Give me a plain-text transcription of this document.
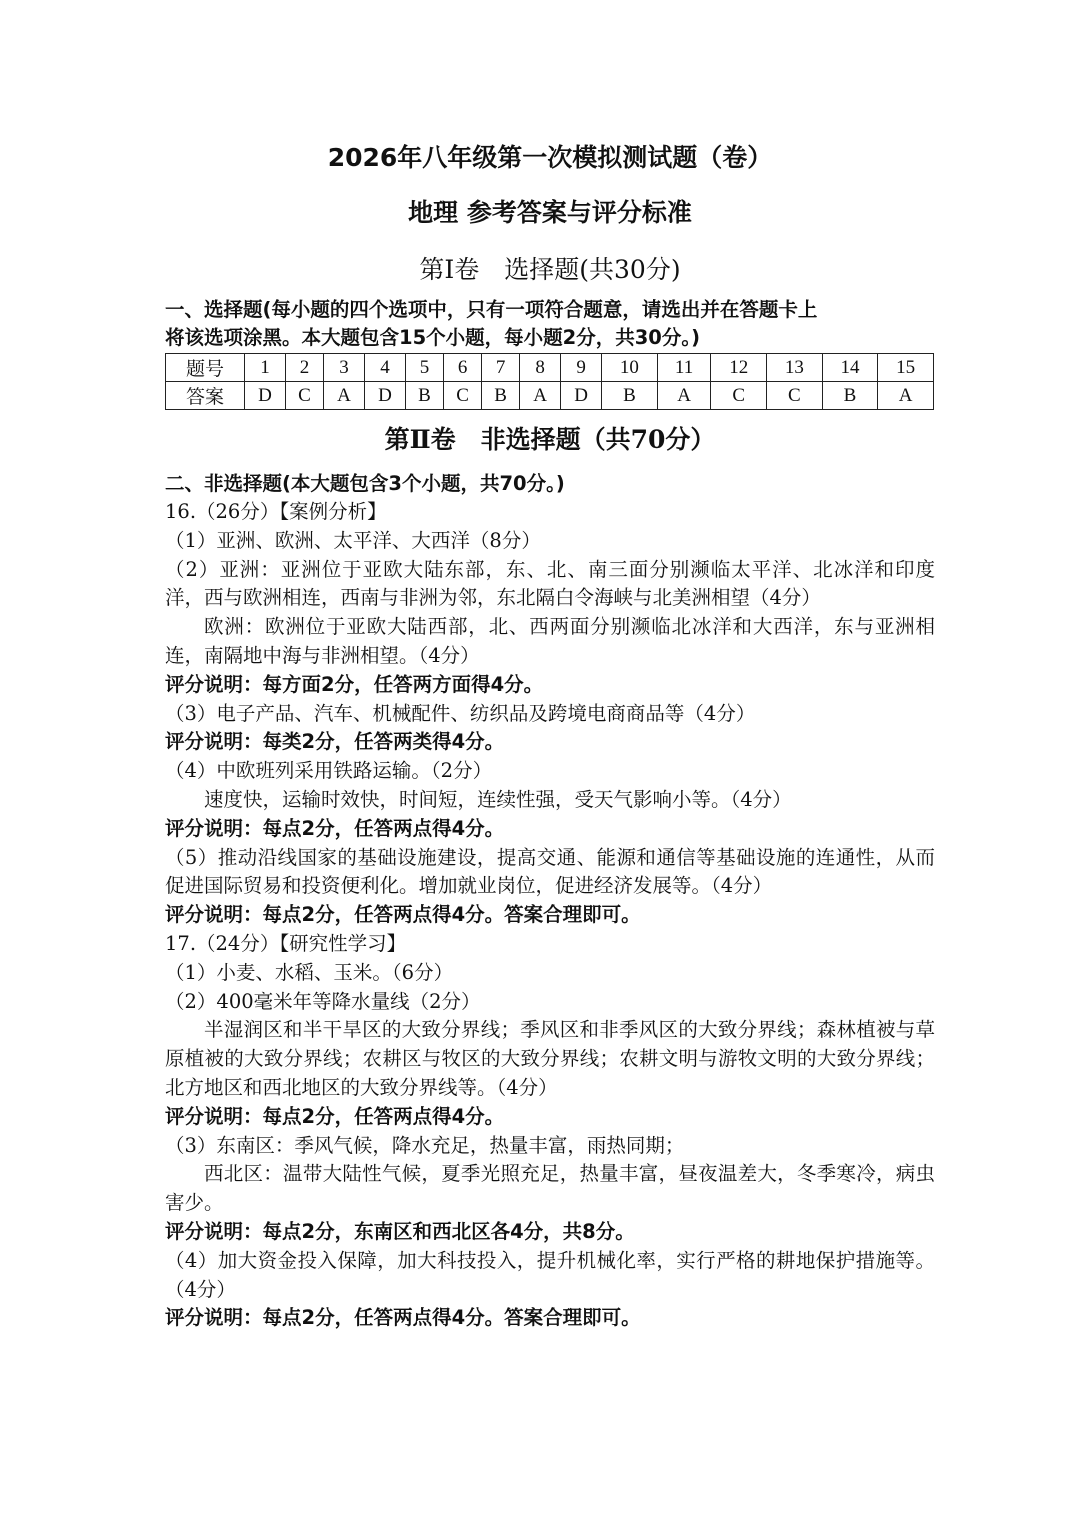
2026年八年级第一次模拟测试题（卷）
地理 参考答案与评分标准
第Ⅰ卷　选择题(共30分)
一、选择题(每小题的四个选项中，只有一项符合题意，请选出并在答题卡上
将该选项涂黑。本大题包含15个小题，每小题2分，共30分。)
题号	1	2	3	4	5	6	7	8	9	10	11	12	13	14	15
答案	D	C	A	D	B	C	B	A	D	B	A	C	C	B	A
第Ⅱ卷　非选择题（共70分）
二、非选择题(本大题包含3个小题，共70分。)
16.（26分）【案例分析】
（1）亚洲、欧洲、太平洋、大西洋（8分）
（2）亚洲：亚洲位于亚欧大陆东部，东、北、南三面分别濒临太平洋、北冰洋和印度洋，西与欧洲相连，西南与非洲为邻，东北隔白令海峡与北美洲相望（4分）
欧洲：欧洲位于亚欧大陆西部，北、西两面分别濒临北冰洋和大西洋，东与亚洲相连，南隔地中海与非洲相望。（4分）
评分说明：每方面2分，任答两方面得4分。
（3）电子产品、汽车、机械配件、纺织品及跨境电商商品等（4分）
评分说明：每类2分，任答两类得4分。
（4）中欧班列采用铁路运输。（2分）
速度快，运输时效快，时间短，连续性强，受天气影响小等。（4分）
评分说明：每点2分，任答两点得4分。
（5）推动沿线国家的基础设施建设，提高交通、能源和通信等基础设施的连通性，从而促进国际贸易和投资便利化。增加就业岗位，促进经济发展等。（4分）
评分说明：每点2分，任答两点得4分。答案合理即可。
17.（24分）【研究性学习】
（1）小麦、水稻、玉米。（6分）
（2）400毫米年等降水量线（2分）
半湿润区和半干旱区的大致分界线；季风区和非季风区的大致分界线；森林植被与草原植被的大致分界线；农耕区与牧区的大致分界线；农耕文明与游牧文明的大致分界线；北方地区和西北地区的大致分界线等。（4分）
评分说明：每点2分，任答两点得4分。
（3）东南区：季风气候，降水充足，热量丰富，雨热同期；
西北区：温带大陆性气候，夏季光照充足，热量丰富，昼夜温差大，冬季寒冷，病虫害少。
评分说明：每点2分，东南区和西北区各4分，共8分。
（4）加大资金投入保障，加大科技投入，提升机械化率，实行严格的耕地保护措施等。（4分）
评分说明：每点2分，任答两点得4分。答案合理即可。
